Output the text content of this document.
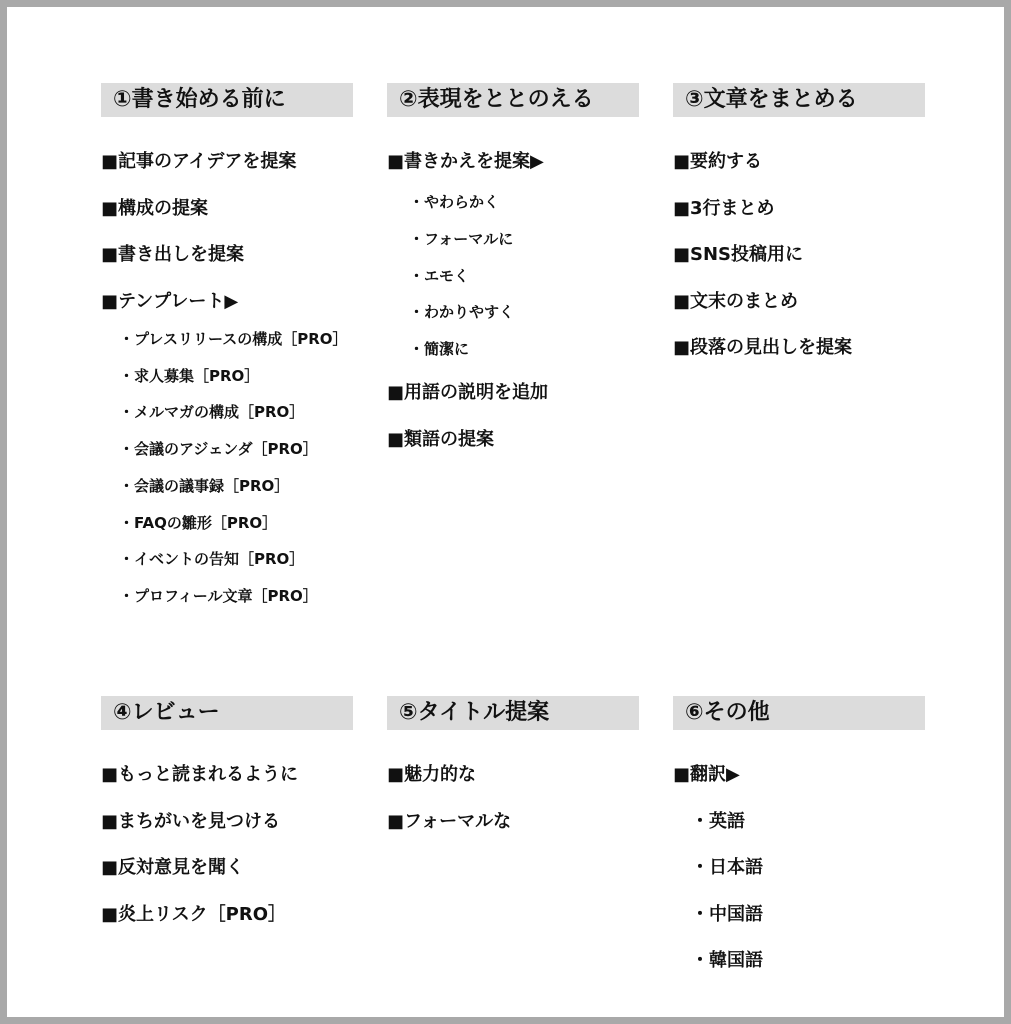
①書き始める前に
■記事のアイデアを提案
■構成の提案
■書き出しを提案
■テンプレート▶
・プレスリリースの構成［PRO］
・求人募集［PRO］
・メルマガの構成［PRO］
・会議のアジェンダ［PRO］
・会議の議事録［PRO］
・FAQの雛形［PRO］
・イベントの告知［PRO］
・プロフィール文章［PRO］
②表現をととのえる
■書きかえを提案▶
・やわらかく
・フォーマルに
・エモく
・わかりやすく
・簡潔に
■用語の説明を追加
■類語の提案
③文章をまとめる
■要約する
■3行まとめ
■SNS投稿用に
■文末のまとめ
■段落の見出しを提案
④レビュー
■もっと読まれるように
■まちがいを見つける
■反対意見を聞く
■炎上リスク［PRO］
⑤タイトル提案
■魅力的な
■フォーマルな
⑥その他
■翻訳▶
・英語
・日本語
・中国語
・韓国語
